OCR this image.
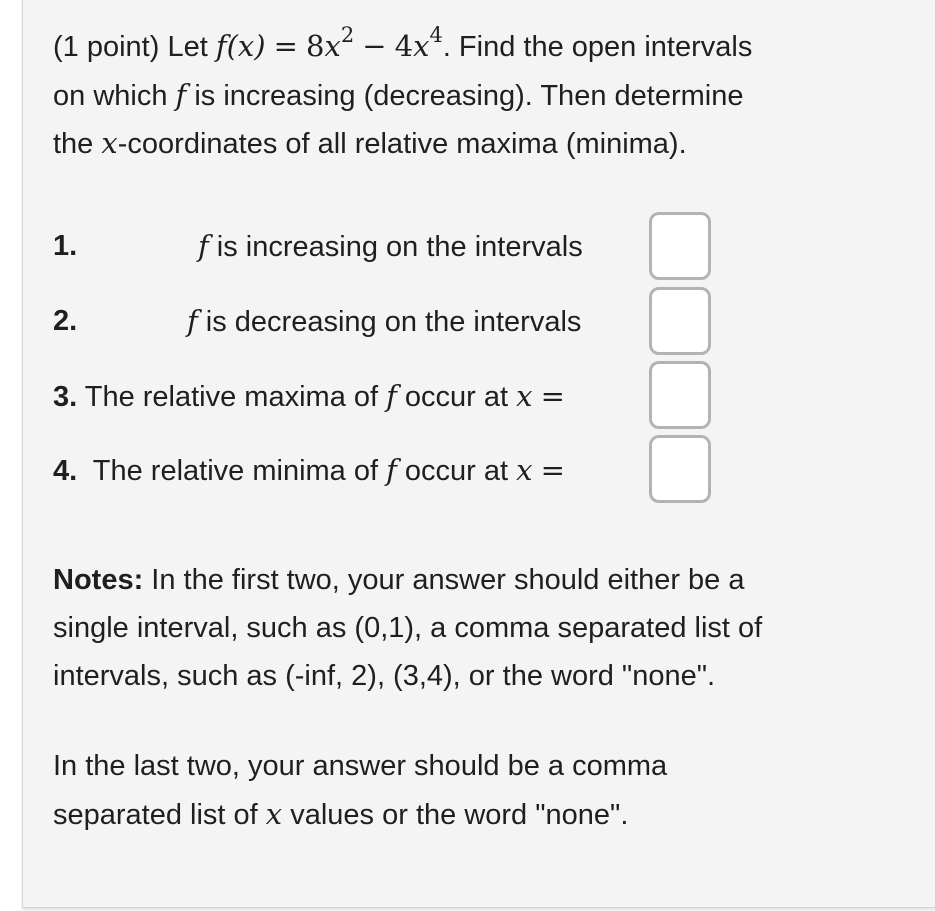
(1 point) Let $f(x) = 8x^2 - 4x^4$. Find the open intervals
on which f is increasing (decreasing). Then determine
the x-coordinates of all relative maxima (minima).
1.	f is increasing on the intervals
2.	f is decreasing on the intervals
3. The relative maxima of f occur at x =
4. The relative minima of f occur at x =
Notes: In the first two, your answer should either be a
single interval, such as (0,1), a comma separated list of
intervals, such as (-inf, 2), (3,4), or the word "none".
In the last two, your answer should be a comma
separated list of x values or the word "none".
